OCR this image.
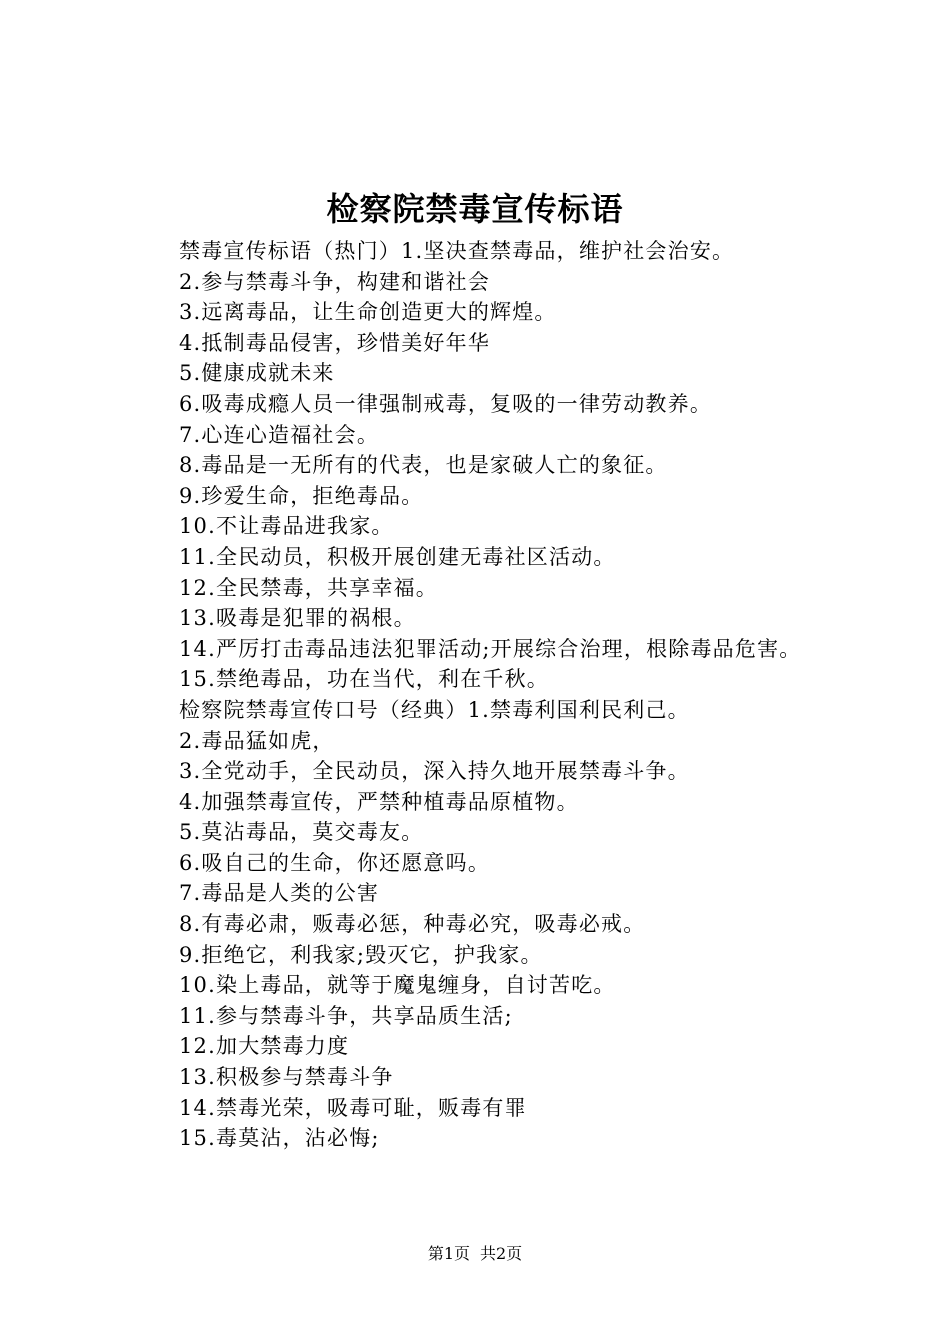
检察院禁毒宣传标语
禁毒宣传标语（热门）1.坚决查禁毒品，维护社会治安。
2.参与禁毒斗争，构建和谐社会
3.远离毒品，让生命创造更大的辉煌。
4.抵制毒品侵害，珍惜美好年华
5.健康成就未来
6.吸毒成瘾人员一律强制戒毒，复吸的一律劳动教养。
7.心连心造福社会。
8.毒品是一无所有的代表，也是家破人亡的象征。
9.珍爱生命，拒绝毒品。
10.不让毒品进我家。
11.全民动员，积极开展创建无毒社区活动。
12.全民禁毒，共享幸福。
13.吸毒是犯罪的祸根。
14.严厉打击毒品违法犯罪活动;开展综合治理，根除毒品危害。
15.禁绝毒品，功在当代，利在千秋。
检察院禁毒宣传口号（经典）1.禁毒利国利民利己。
2.毒品猛如虎，
3.全党动手，全民动员，深入持久地开展禁毒斗争。
4.加强禁毒宣传，严禁种植毒品原植物。
5.莫沾毒品，莫交毒友。
6.吸自己的生命，你还愿意吗。
7.毒品是人类的公害
8.有毒必肃，贩毒必惩，种毒必究，吸毒必戒。
9.拒绝它，利我家;毁灭它，护我家。
10.染上毒品，就等于魔鬼缠身，自讨苦吃。
11.参与禁毒斗争，共享品质生活;
12.加大禁毒力度
13.积极参与禁毒斗争
14.禁毒光荣，吸毒可耻，贩毒有罪
15.毒莫沾，沾必悔;
第1页 共2页
